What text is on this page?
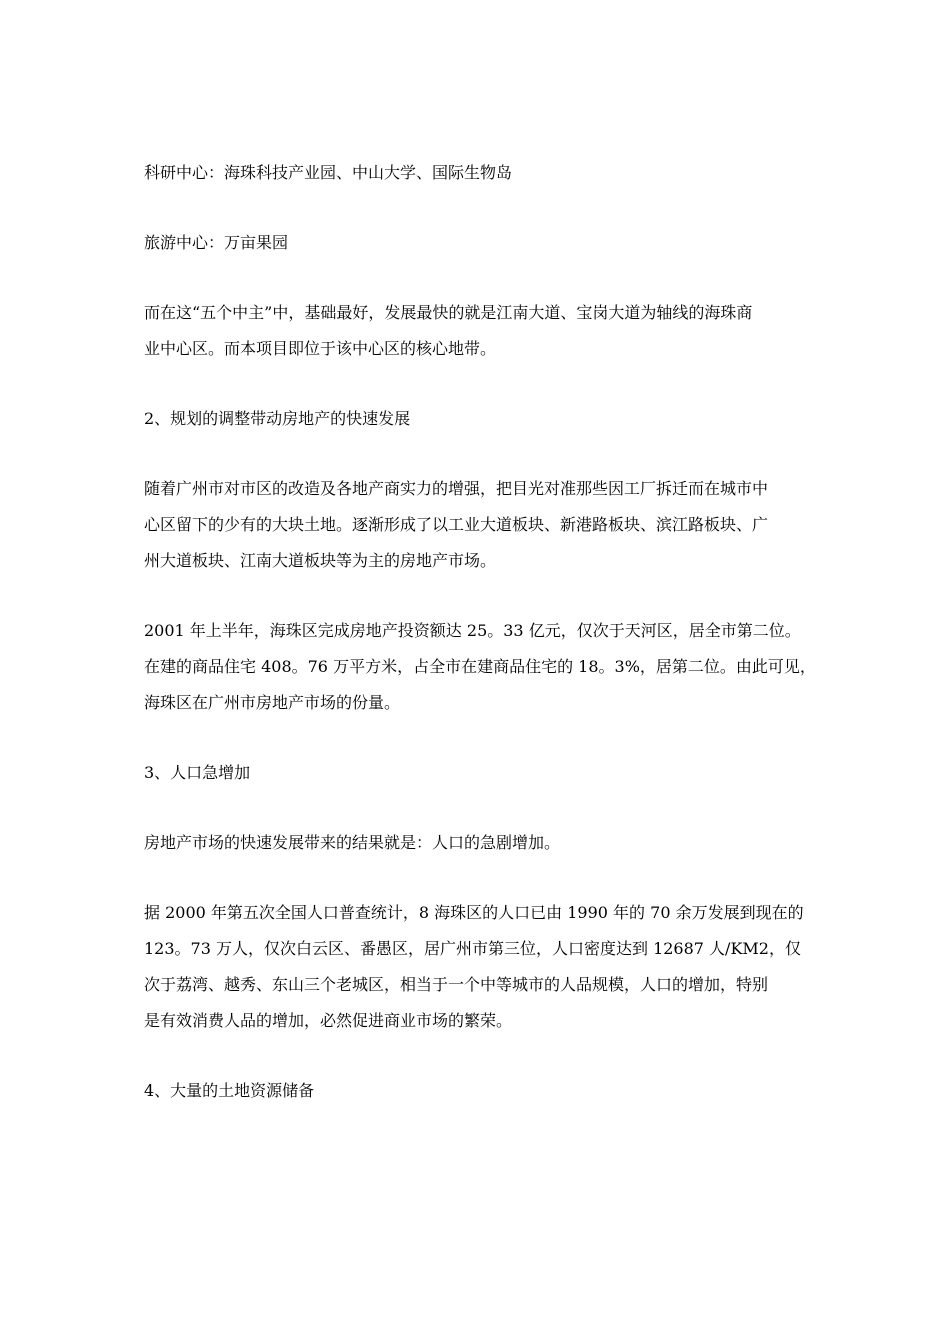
科研中心：海珠科技产业园、中山大学、国际生物岛

旅游中心：万亩果园

而在这“五个中主”中，基础最好，发展最快的就是江南大道、宝岗大道为轴线的海珠商
业中心区。而本项目即位于该中心区的核心地带。

2、规划的调整带动房地产的快速发展

随着广州市对市区的改造及各地产商实力的增强，把目光对准那些因工厂拆迁而在城市中
心区留下的少有的大块土地。逐渐形成了以工业大道板块、新港路板块、滨江路板块、广
州大道板块、江南大道板块等为主的房地产市场。

2001 年上半年，海珠区完成房地产投资额达 25。33 亿元，仅次于天河区，居全市第二位。
在建的商品住宅 408。76 万平方米，占全市在建商品住宅的 18。3%，居第二位。由此可见，
海珠区在广州市房地产市场的份量。

3、人口急增加

房地产市场的快速发展带来的结果就是：人口的急剧增加。

据 2000 年第五次全国人口普查统计，8 海珠区的人口已由 1990 年的 70 余万发展到现在的
123。73 万人，仅次白云区、番愚区，居广州市第三位，人口密度达到 12687 人/KM2，仅
次于荔湾、越秀、东山三个老城区，相当于一个中等城市的人品规模，人口的增加，特别
是有效消费人品的增加，必然促进商业市场的繁荣。

4、大量的土地资源储备
